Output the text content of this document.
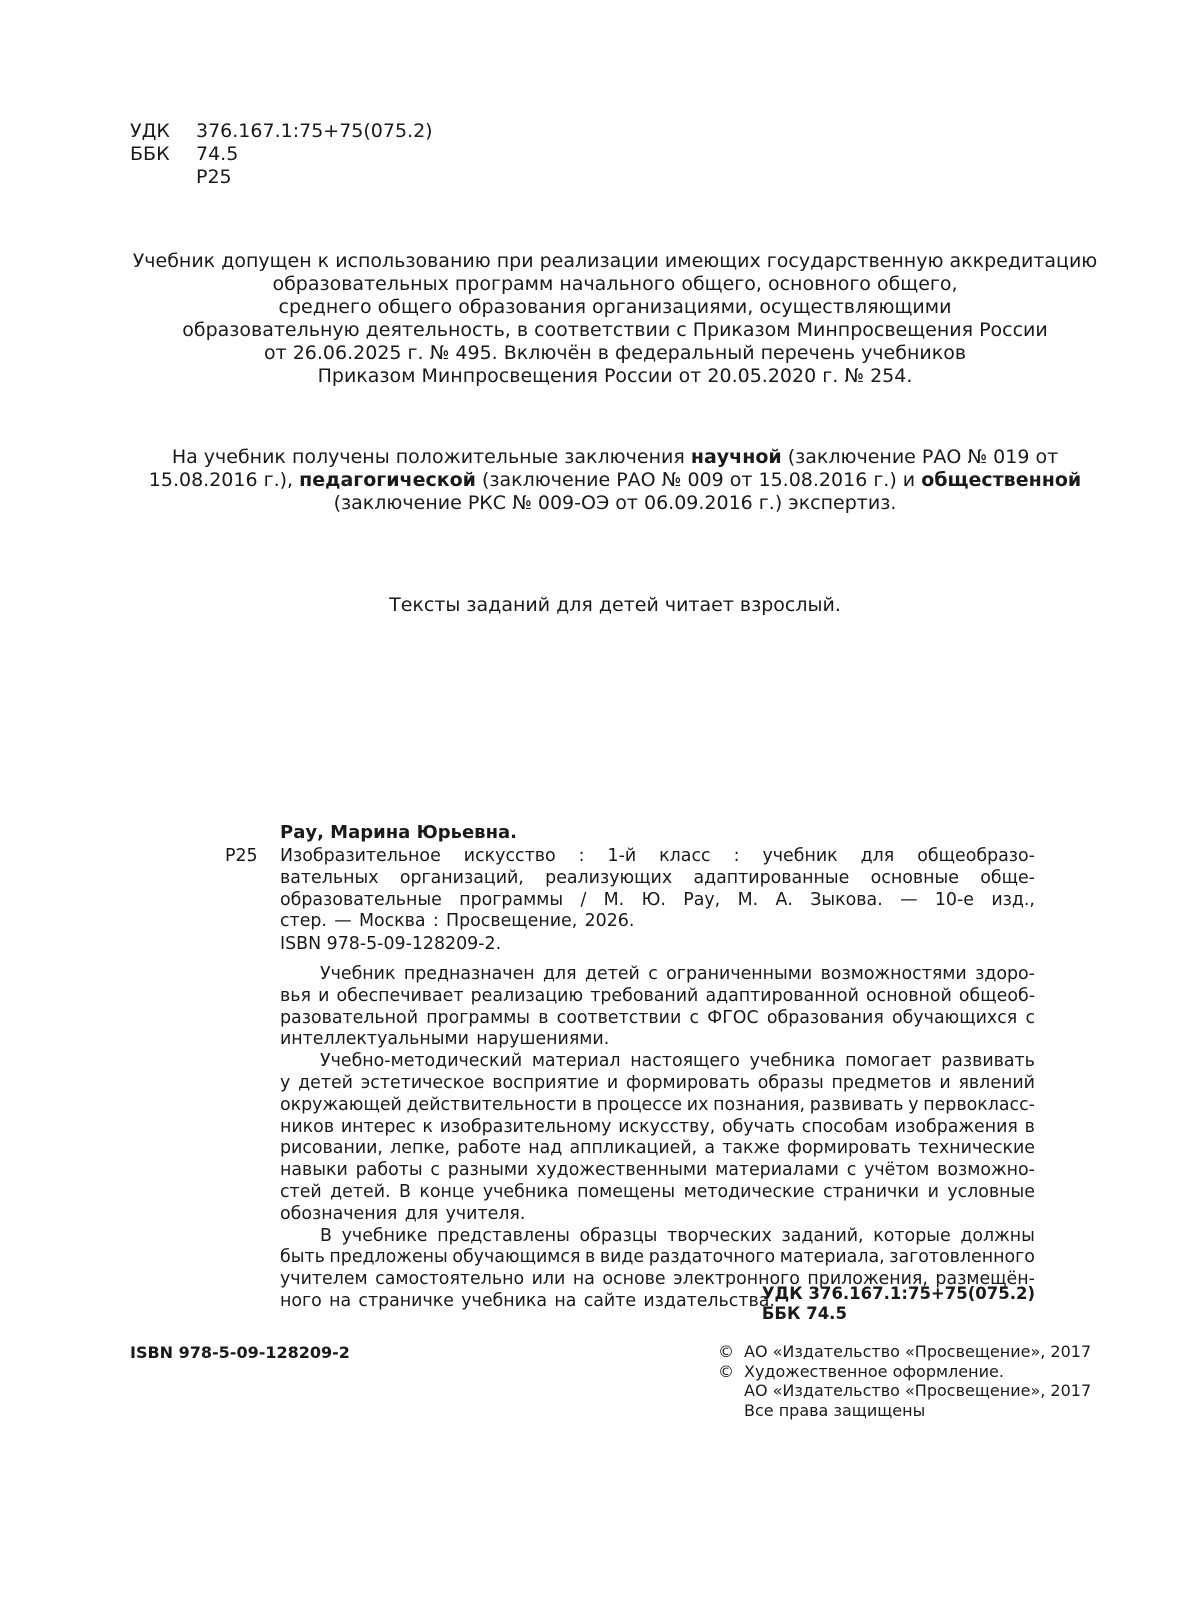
УДК	376.167.1:75+75(075.2)
ББК	74.5
Р25
Учебник допущен к использованию при реализации имеющих государственную аккредитацию
образовательных программ начального общего, основного общего,
среднего общего образования организациями, осуществляющими
образовательную деятельность, в соответствии с Приказом Минпросвещения России
от 26.06.2025 г. № 495. Включён в федеральный перечень учебников
Приказом Минпросвещения России от 20.05.2020 г. № 254.
На учебник получены положительные заключения научной (заключение РАО № 019 от
15.08.2016 г.), педагогической (заключение РАО № 009 от 15.08.2016 г.) и общественной
(заключение РКС № 009-ОЭ от 06.09.2016 г.) экспертиз.
Тексты заданий для детей читает взрослый.
Рау, Марина Юрьевна.
Р25 Изобразительное искусство : 1-й класс : учебник для общеобразо-
вательных организаций, реализующих адаптированные основные обще-
образовательные программы / М. Ю. Рау, М. А. Зыкова. — 10-е изд.,
стер. — Москва : Просвещение, 2026.
ISBN 978-5-09-128209-2.
Учебник предназначен для детей с ограниченными возможностями здоро-
вья и обеспечивает реализацию требований адаптированной основной общеоб-
разовательной программы в соответствии с ФГОС образования обучающихся с
интеллектуальными нарушениями.
Учебно-методический материал настоящего учебника помогает развивать
у детей эстетическое восприятие и формировать образы предметов и явлений
окружающей действительности в процессе их познания, развивать у первокласс-
ников интерес к изобразительному искусству, обучать способам изображения в
рисовании, лепке, работе над аппликацией, а также формировать технические
навыки работы с разными художественными материалами с учётом возможно-
стей детей. В конце учебника помещены методические странички и условные
обозначения для учителя.
В учебнике представлены образцы творческих заданий, которые должны
быть предложены обучающимся в виде раздаточного материала, заготовленного
учителем самостоятельно или на основе электронного приложения, размещён-
ного на страничке учебника на сайте издательства.
УДК 376.167.1:75+75(075.2)
ББК 74.5
ISBN 978-5-09-128209-2	© АО «Издательство «Просвещение», 2017
© Художественное оформление.
АО «Издательство «Просвещение», 2017
Все права защищены
